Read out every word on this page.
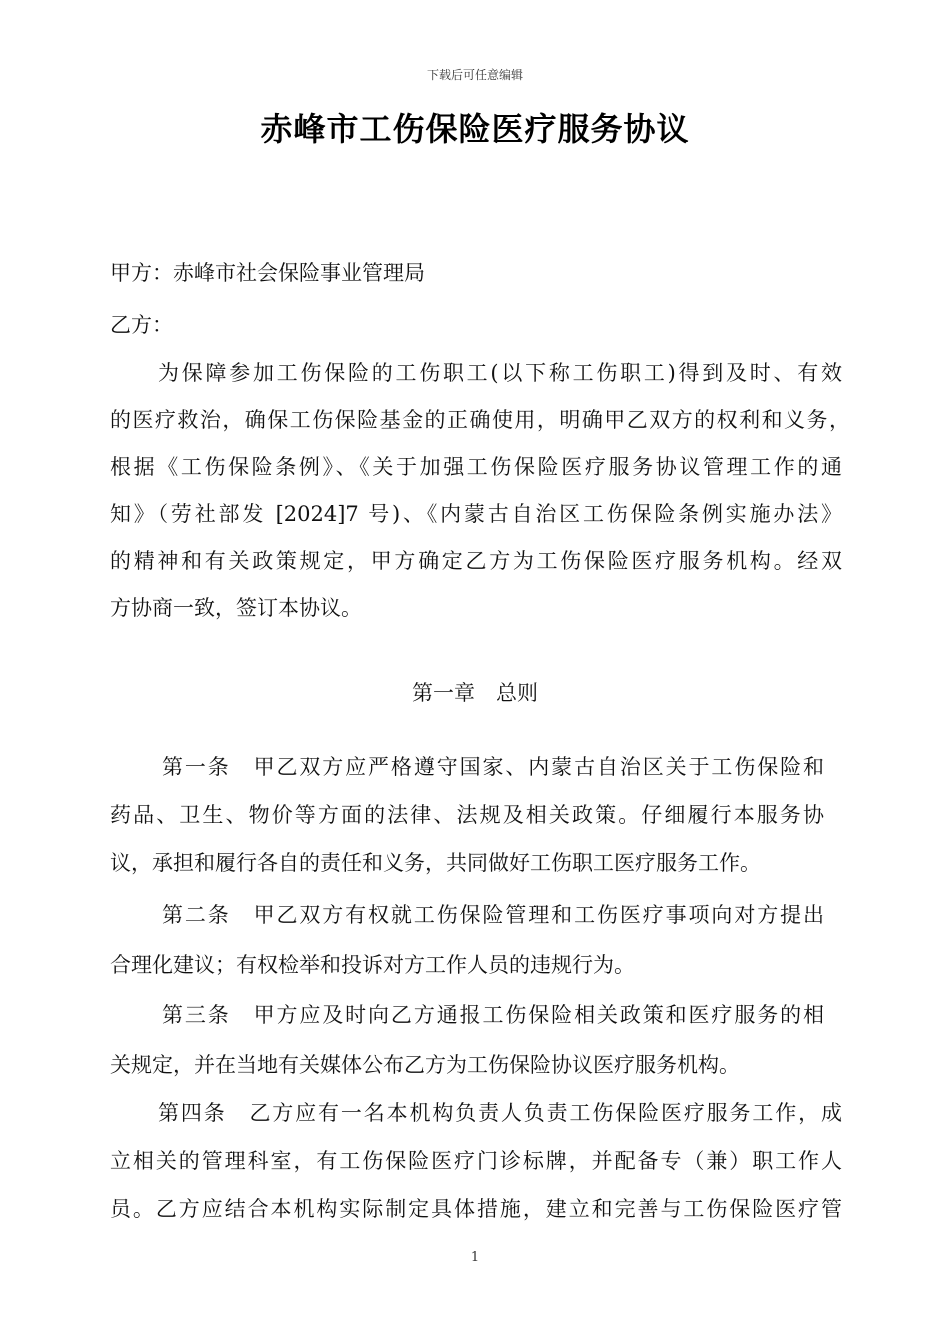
下载后可任意编辑
赤峰市工伤保险医疗服务协议
甲方：赤峰市社会保险事业管理局
乙方：
为保障参加工伤保险的工伤职工(以下称工伤职工)得到及时、有效
的医疗救治，确保工伤保险基金的正确使用，明确甲乙双方的权利和义务，
根据《工伤保险条例》、《关于加强工伤保险医疗服务协议管理工作的通
知》（劳社部发 [2024]7 号)、《内蒙古自治区工伤保险条例实施办法》
的精神和有关政策规定，甲方确定乙方为工伤保险医疗服务机构。经双
方协商一致，签订本协议。
第一章　总则
第一条　甲乙双方应严格遵守国家、内蒙古自治区关于工伤保险和
药品、卫生、物价等方面的法律、法规及相关政策。仔细履行本服务协
议，承担和履行各自的责任和义务，共同做好工伤职工医疗服务工作。
第二条　甲乙双方有权就工伤保险管理和工伤医疗事项向对方提出
合理化建议；有权检举和投诉对方工作人员的违规行为。
第三条　甲方应及时向乙方通报工伤保险相关政策和医疗服务的相
关规定，并在当地有关媒体公布乙方为工伤保险协议医疗服务机构。
第四条　乙方应有一名本机构负责人负责工伤保险医疗服务工作，成
立相关的管理科室，有工伤保险医疗门诊标牌，并配备专（兼）职工作人
员。乙方应结合本机构实际制定具体措施，建立和完善与工伤保险医疗管
1
